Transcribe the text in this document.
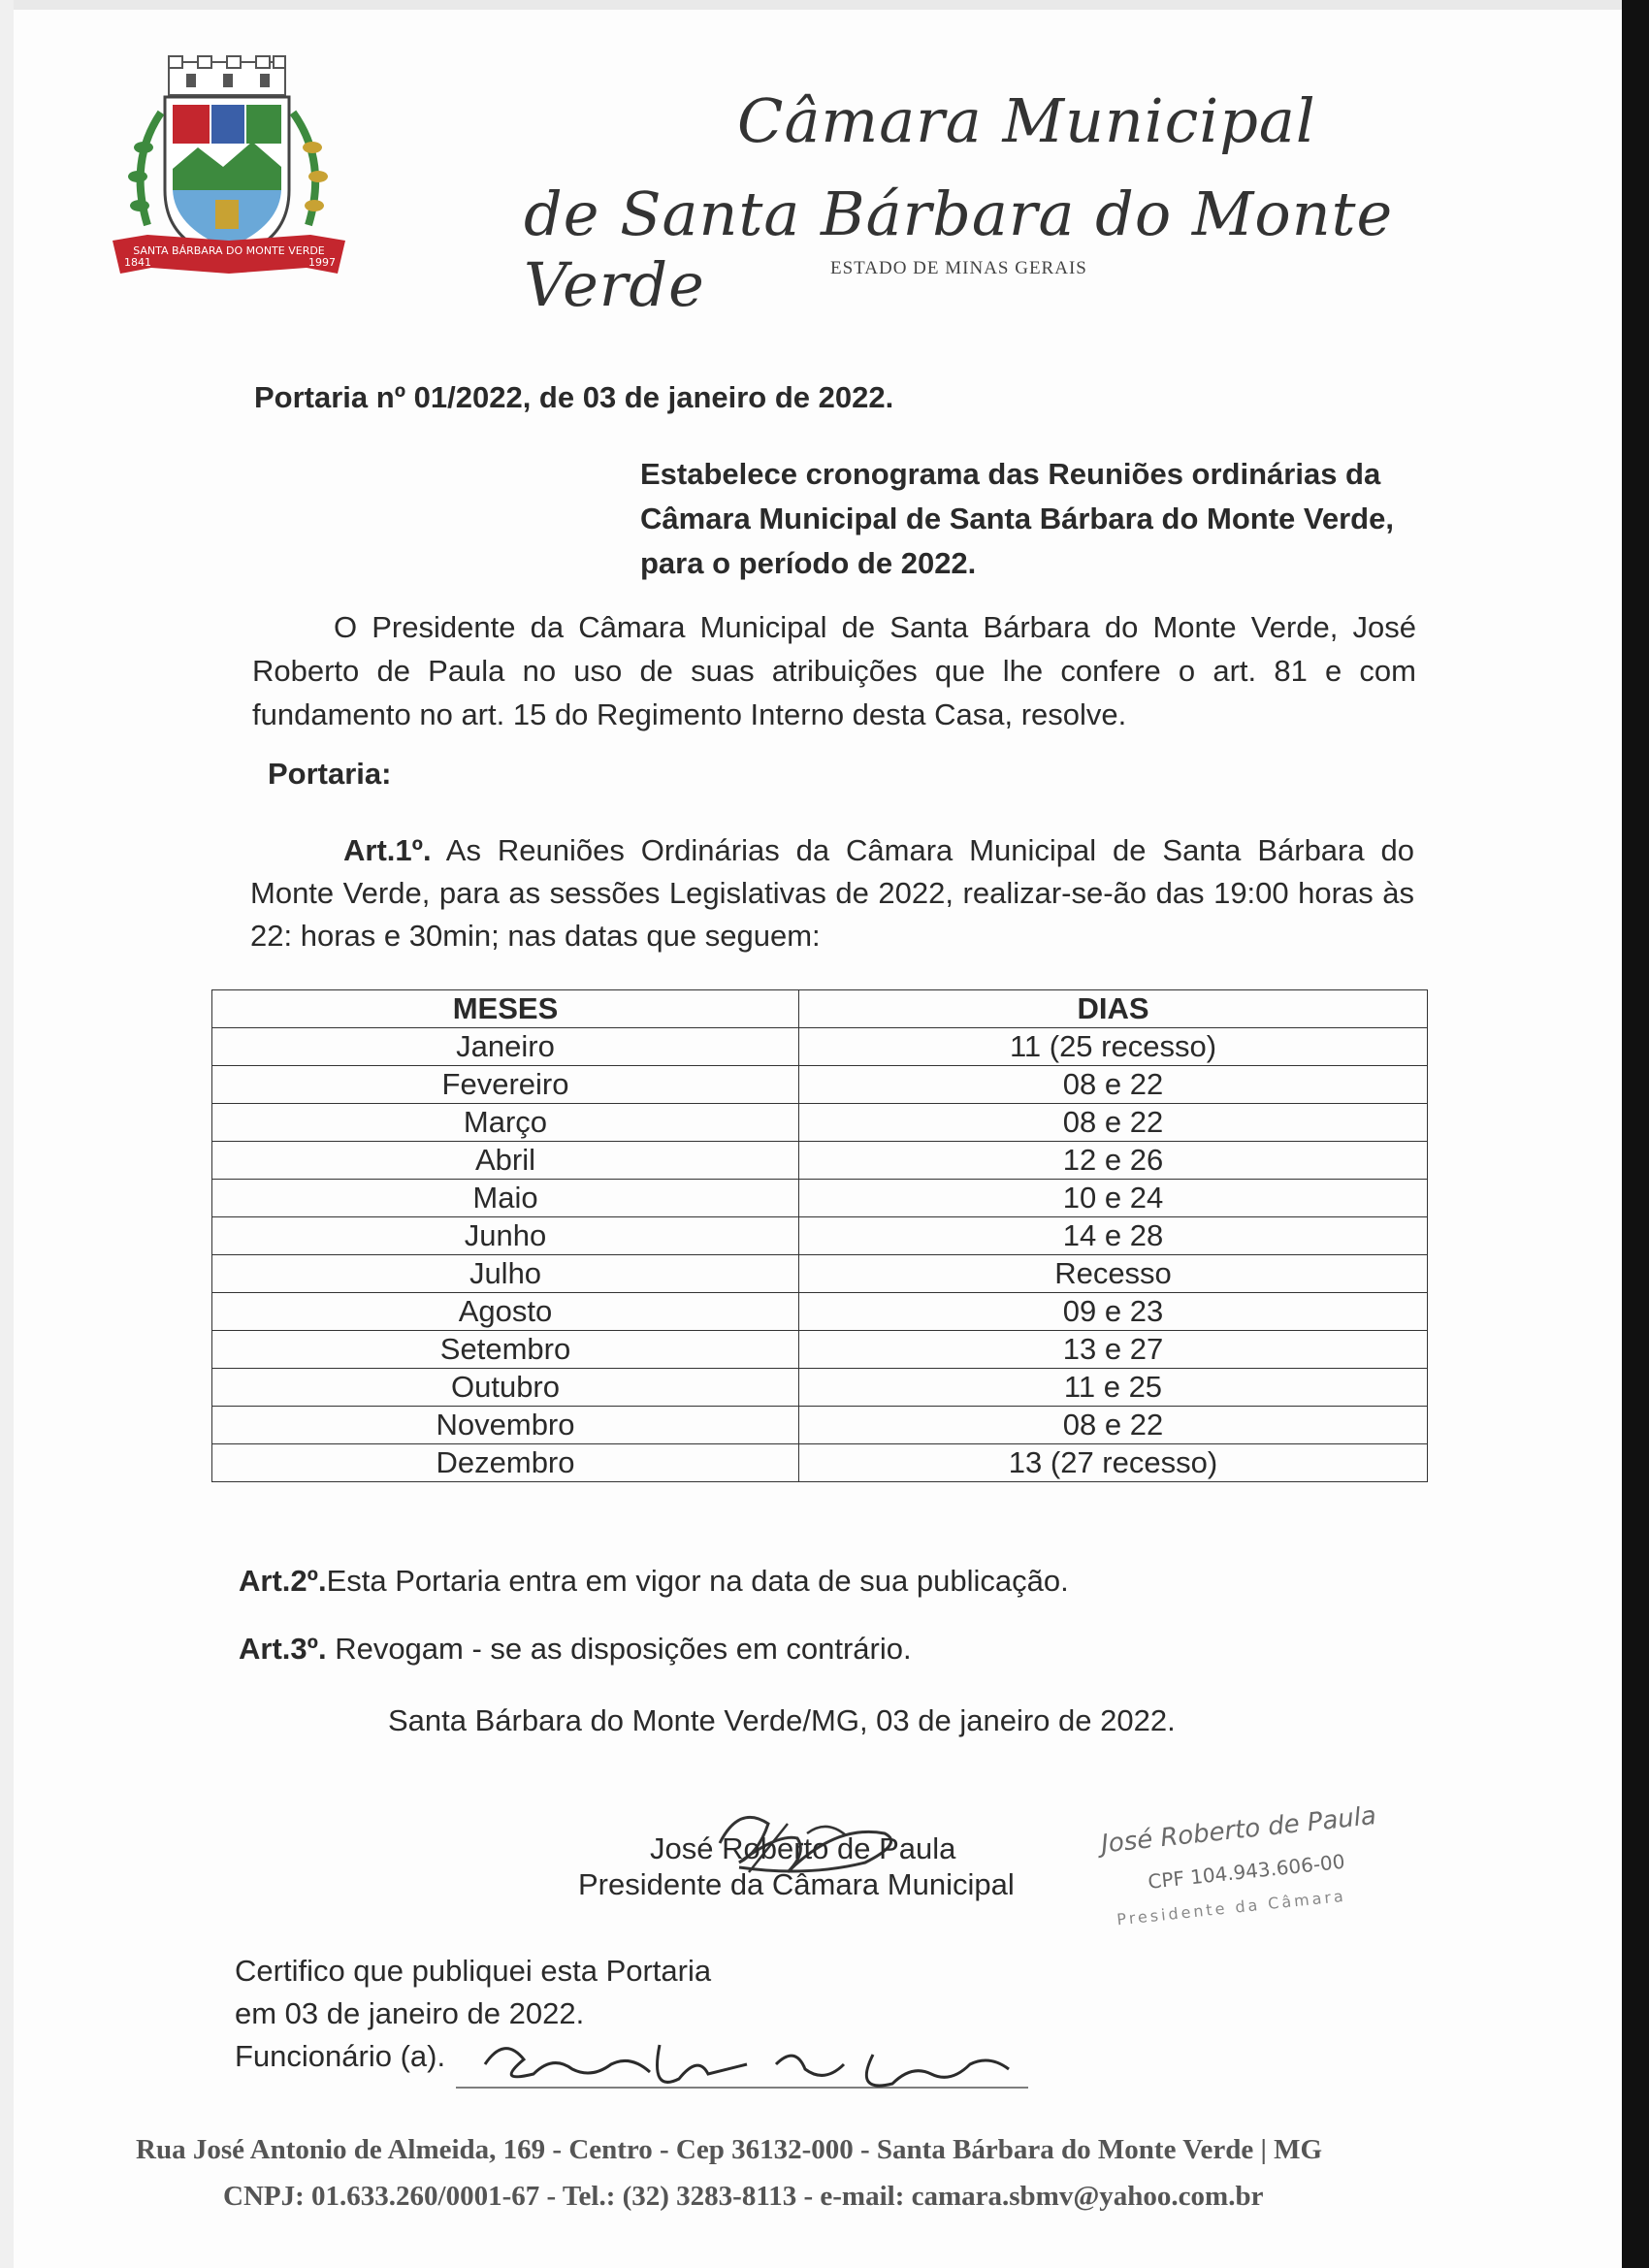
SANTA BÁRBARA DO MONTE VERDE
1841	1997
Câmara Municipal
de Santa Bárbara do Monte Verde	ESTADO DE MINAS GERAIS
Portaria nº 01/2022, de 03 de janeiro de 2022.
Estabelece cronograma das Reuniões ordinárias da Câmara Municipal de Santa Bárbara do Monte Verde, para o período de 2022.
O Presidente da Câmara Municipal de Santa Bárbara do Monte Verde, José Roberto de Paula no uso de suas atribuições que lhe confere o art. 81 e com fundamento no art. 15 do Regimento Interno desta Casa, resolve.
Portaria:
Art.1º. As Reuniões Ordinárias da Câmara Municipal de Santa Bárbara do Monte Verde, para as sessões Legislativas de 2022, realizar-se-ão das 19:00 horas às 22: horas e 30min; nas datas que seguem:
MESES	DIAS
Janeiro	11 (25 recesso)
Fevereiro	08 e 22
Março	08 e 22
Abril	12 e 26
Maio	10 e 24
Junho	14 e 28
Julho	Recesso
Agosto	09 e 23
Setembro	13 e 27
Outubro	11 e 25
Novembro	08 e 22
Dezembro	13 (27 recesso)
Art.2º.Esta Portaria entra em vigor na data de sua publicação.
Art.3º. Revogam - se as disposições em contrário.
Santa Bárbara do Monte Verde/MG, 03 de janeiro de 2022.
José Roberto de Paula
Presidente da Câmara Municipal
José Roberto de Paula
CPF 104.943.606-00
Presidente da Câmara
Certifico que publiquei esta Portaria
em 03 de janeiro de 2022.
Funcionário (a).
Rua José Antonio de Almeida, 169 - Centro - Cep 36132-000 - Santa Bárbara do Monte Verde | MG
CNPJ: 01.633.260/0001-67 - Tel.: (32) 3283-8113 - e-mail: camara.sbmv@yahoo.com.br
